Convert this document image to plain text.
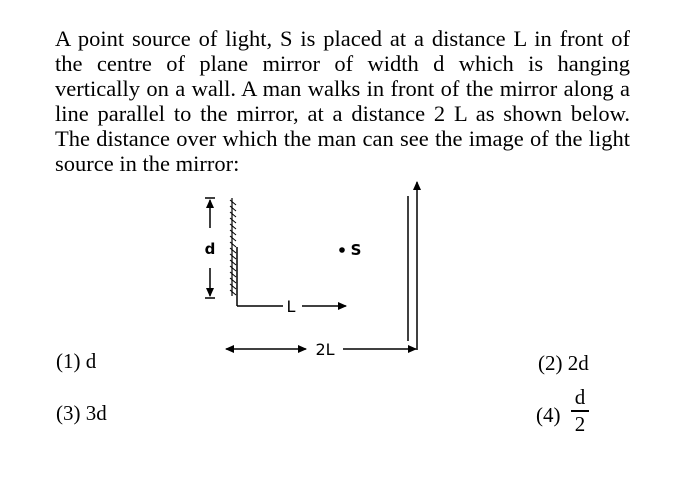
A point source of light, S is placed at a distance L in front of the centre of plane mirror of width d which is hanging vertically on a wall. A man walks in front of the mirror along a line parallel to the mirror, at a distance 2 L as shown below. The distance over which the man can see the image of the light source in the mirror:

d
L
S
2L
(1) d	(2) 2d
(3) 3d	(4)
d
2
